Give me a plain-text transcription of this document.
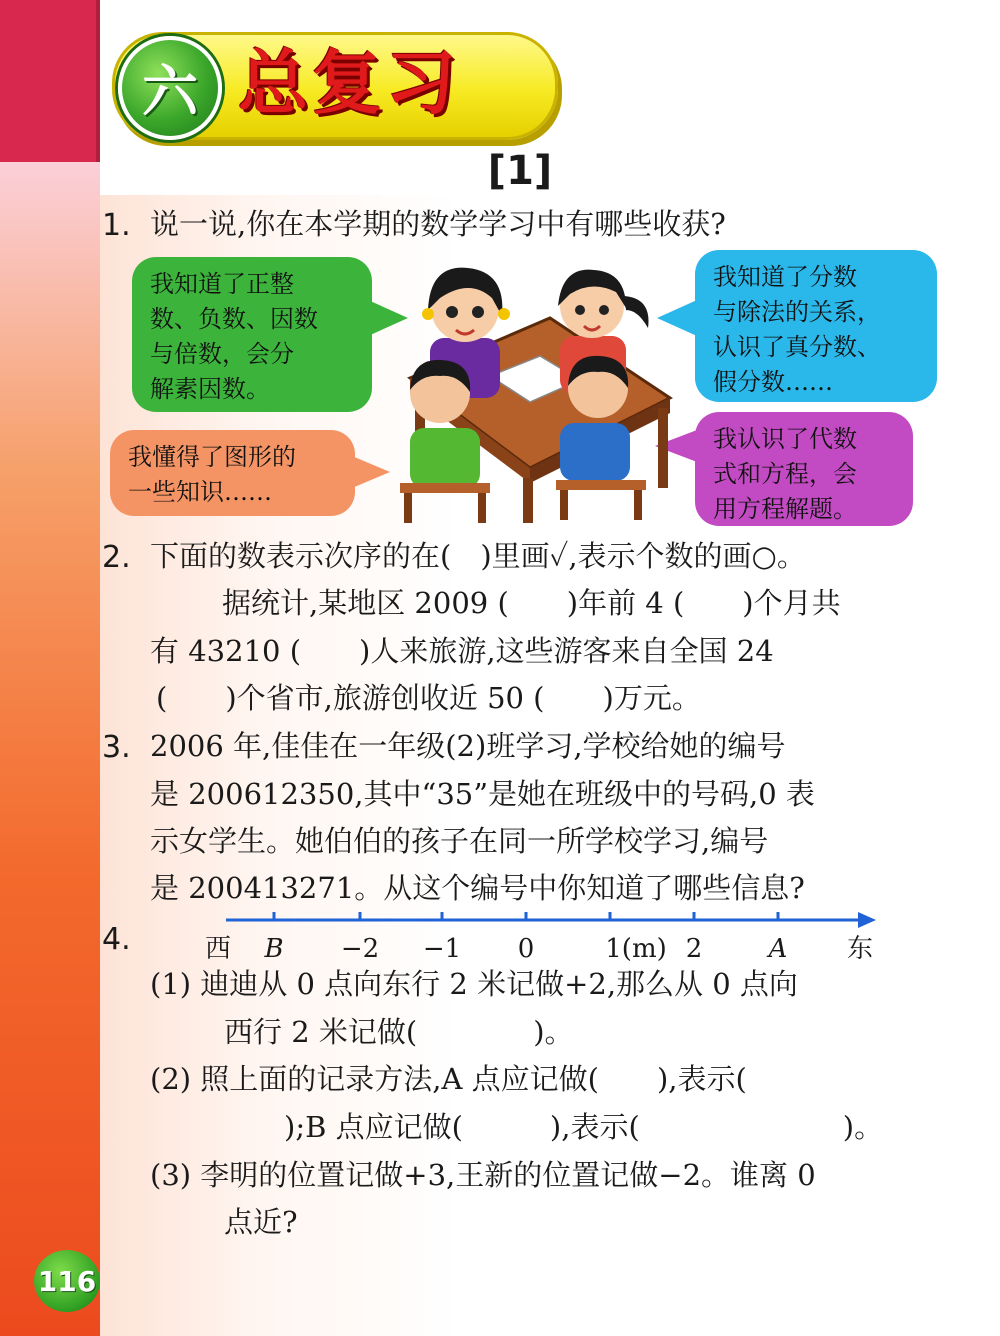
六 总复习
[1]
1. 说一说,你在本学期的数学学习中有哪些收获?
我知道了正整
数、负数、因数
与倍数，会分
解素因数。
我知道了分数
与除法的关系，
认识了真分数、
假分数……
我懂得了图形的
一些知识……
我认识了代数
式和方程，会
用方程解题。
2. 下面的数表示次序的在(　)里画✓,表示个数的画○。
据统计,某地区 2009 (　　)年前 4 (　　)个月共
有 43210 (　　)人来旅游,这些游客来自全国 24
(　　)个省市,旅游创收近 50 (　　)万元。
3. 2006 年,佳佳在一年级(2)班学习,学校给她的编号
是 200612350,其中“35”是她在班级中的号码,0 表
示女学生。她伯伯的孩子在同一所学校学习,编号
是 200413271。从这个编号中你知道了哪些信息?
4.	西 B −2 −1 0	1(m) 2	A 东
(1) 迪迪从 0 点向东行 2 米记做+2,那么从 0 点向
西行 2 米记做(　　　　)。
(2) 照上面的记录方法,A 点应记做(　　),表示(
　　);B 点应记做(　　　),表示(　　　　　　　)。
(3) 李明的位置记做+3,王新的位置记做−2。谁离 0
点近?
116
